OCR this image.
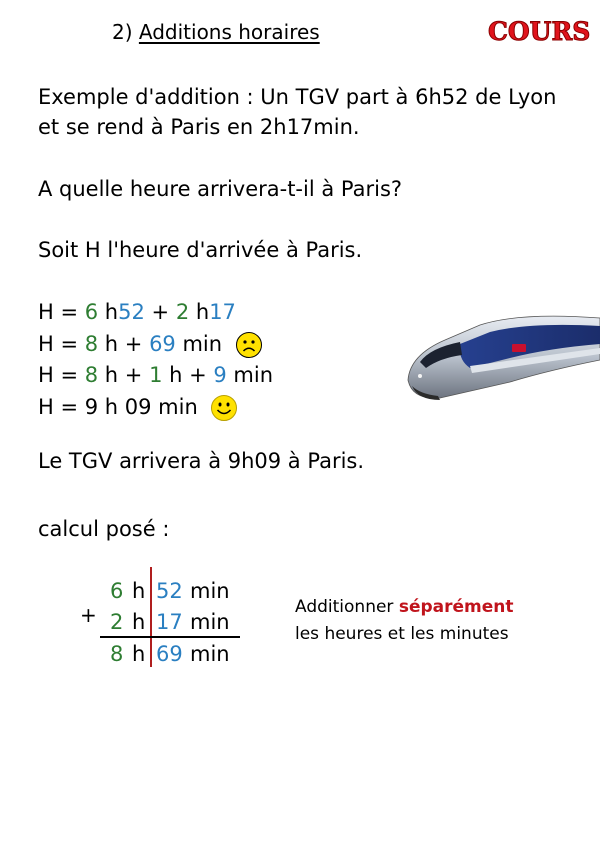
2) Additions horaires	COURS
Exemple d'addition : Un TGV part à 6h52 de Lyon
et se rend à Paris en 2h17min.
A quelle heure arrivera-t-il à Paris?
Soit H l'heure d'arrivée à Paris.
H = 6 h52 + 2 h17
H = 8 h + 69 min
H = 8 h + 1 h + 9 min
H = 9 h 09 min
Le TGV arrivera à 9h09 à Paris.
calcul posé :
+
6 h 52 min
2 h 17 min
8 h 69 min
Additionner séparément
les heures et les minutes
